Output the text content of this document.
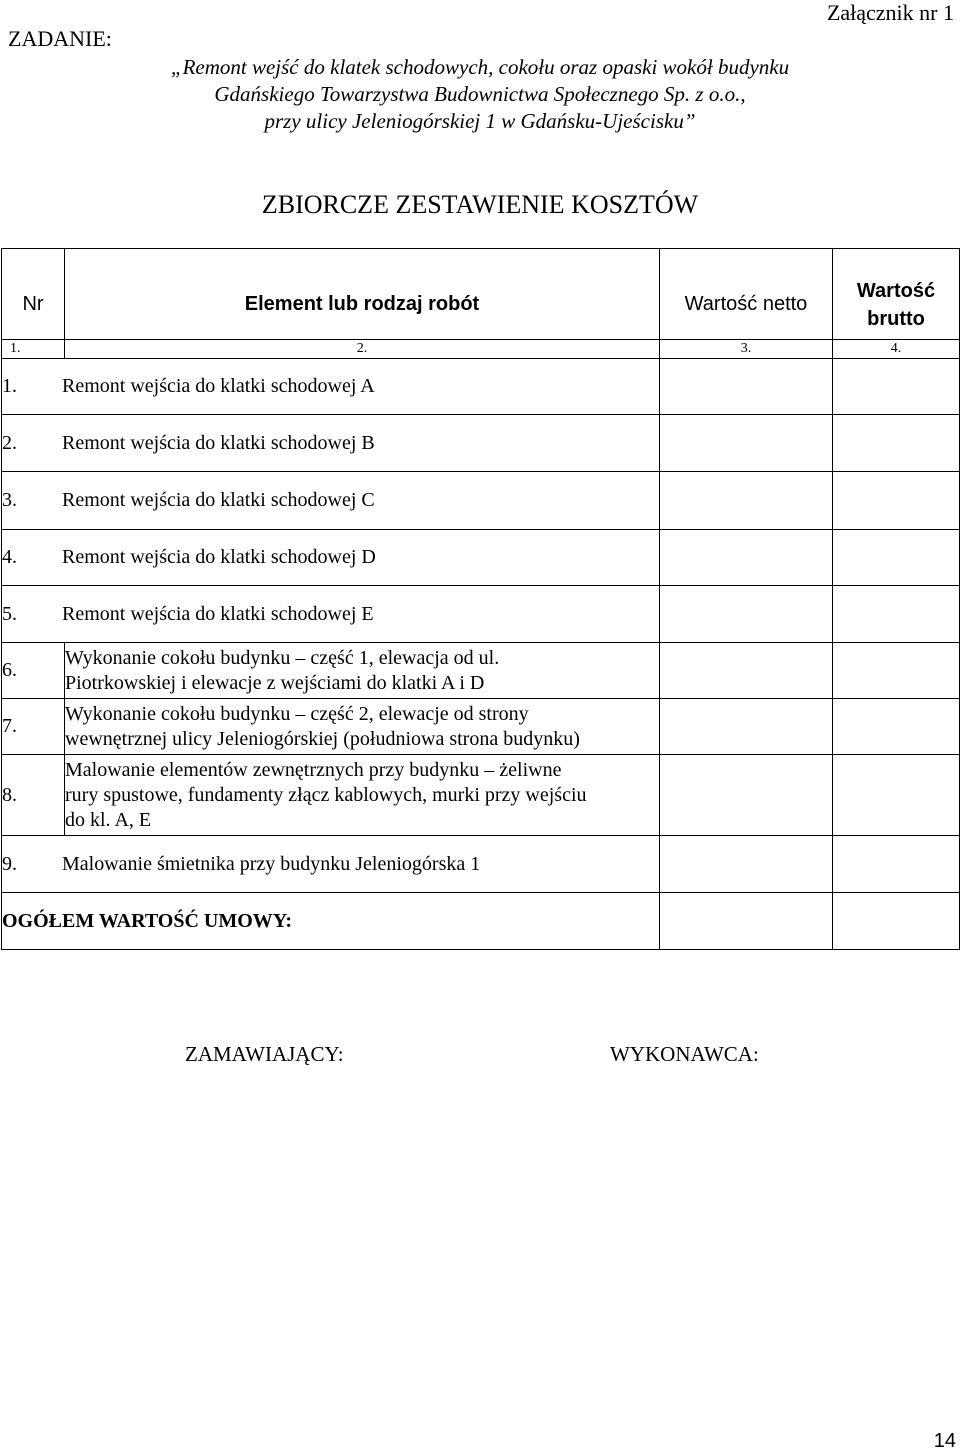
ZADANIE:
Załącznik nr 1
„Remont wejść do klatek schodowych, cokołu oraz opaski wokół budynku
Gdańskiego Towarzystwa Budownictwa Społecznego Sp. z o.o.,
przy ulicy Jeleniogórskiej 1 w Gdańsku-Ujeścisku”
ZBIORCZE ZESTAWIENIE KOSZTÓW
Nr	Element lub rodzaj robót	Wartość netto	Wartość
brutto

1.	2.	3.	4.
1. Remont wejścia do klatki schodowej A			
2. Remont wejścia do klatki schodowej B			
3. Remont wejścia do klatki schodowej C			
4. Remont wejścia do klatki schodowej D			
5. Remont wejścia do klatki schodowej E			
6.	Wykonanie cokołu budynku – część 1, elewacja od ul.
Piotrkowskiej i elewacje z wejściami do klatki A i D		

7.	Wykonanie cokołu budynku – część 2, elewacje od strony
wewnętrznej ulicy Jeleniogórskiej (południowa strona budynku)		

8.	Malowanie elementów zewnętrznych przy budynku – żeliwne
rury spustowe, fundamenty złącz kablowych, murki przy wejściu
do kl. A, E		

9. Malowanie śmietnika przy budynku Jeleniogórska 1			
OGÓŁEM WARTOŚĆ UMOWY:			
ZAMAWIAJĄCY:	WYKONAWCA:
14
